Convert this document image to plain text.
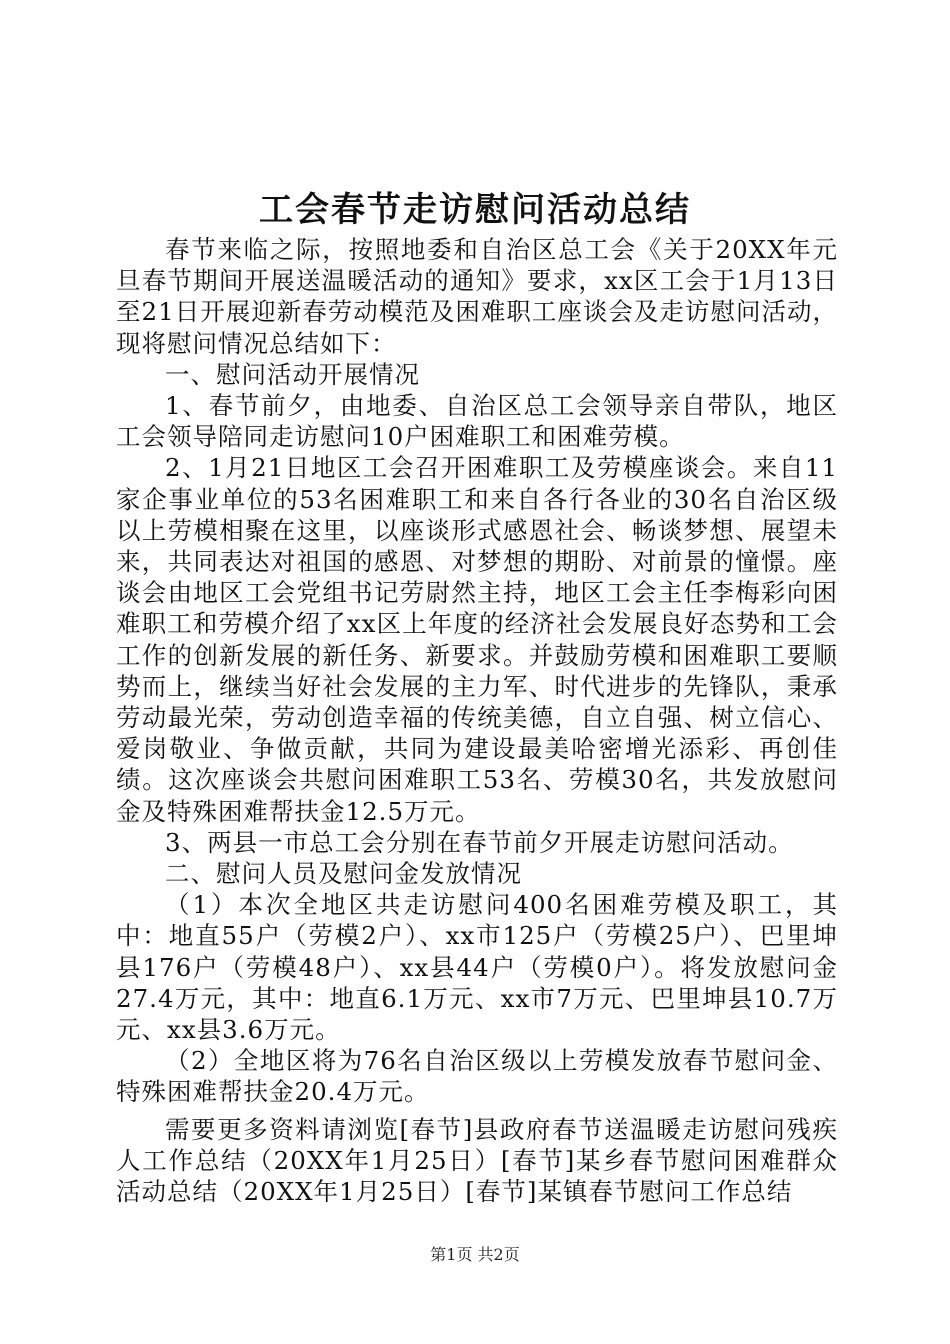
工会春节走访慰问活动总结

春节来临之际，按照地委和自治区总工会《关于20XX年元旦春节期间开展送温暖活动的通知》要求，xx区工会于1月13日至21日开展迎新春劳动模范及困难职工座谈会及走访慰问活动，现将慰问情况总结如下：

一、慰问活动开展情况

1、春节前夕，由地委、自治区总工会领导亲自带队，地区工会领导陪同走访慰问10户困难职工和困难劳模。

2、1月21日地区工会召开困难职工及劳模座谈会。来自11家企事业单位的53名困难职工和来自各行各业的30名自治区级以上劳模相聚在这里，以座谈形式感恩社会、畅谈梦想、展望未来，共同表达对祖国的感恩、对梦想的期盼、对前景的憧憬。座谈会由地区工会党组书记劳尉然主持，地区工会主任李梅彩向困难职工和劳模介绍了xx区上年度的经济社会发展良好态势和工会工作的创新发展的新任务、新要求。并鼓励劳模和困难职工要顺势而上，继续当好社会发展的主力军、时代进步的先锋队，秉承劳动最光荣，劳动创造幸福的传统美德，自立自强、树立信心、爱岗敬业、争做贡献，共同为建设最美哈密增光添彩、再创佳绩。这次座谈会共慰问困难职工53名、劳模30名，共发放慰问金及特殊困难帮扶金12.5万元。

3、两县一市总工会分别在春节前夕开展走访慰问活动。

二、慰问人员及慰问金发放情况

（1）本次全地区共走访慰问400名困难劳模及职工，其中：地直55户（劳模2户）、xx市125户（劳模25户）、巴里坤县176户（劳模48户）、xx县44户（劳模0户）。将发放慰问金27.4万元，其中：地直6.1万元、xx市7万元、巴里坤县10.7万元、xx县3.6万元。

（2）全地区将为76名自治区级以上劳模发放春节慰问金、特殊困难帮扶金20.4万元。

需要更多资料请浏览[春节]县政府春节送温暖走访慰问残疾人工作总结（20XX年1月25日）[春节]某乡春节慰问困难群众活动总结（20XX年1月25日）[春节]某镇春节慰问工作总结

第1页 共2页
